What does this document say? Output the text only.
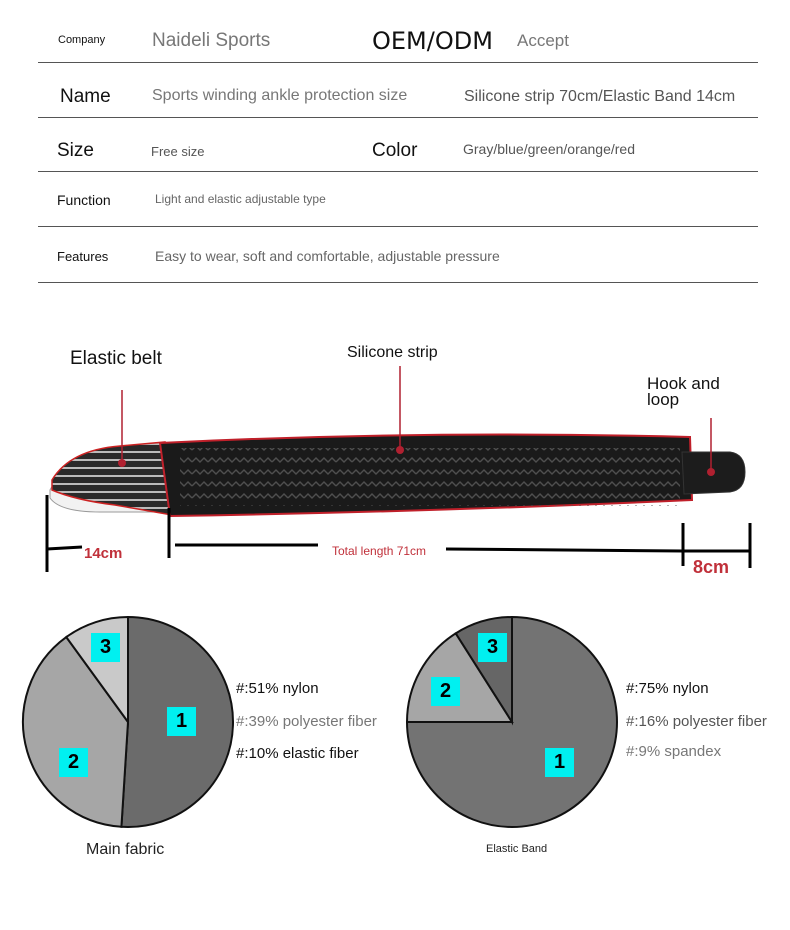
Company Naideli Sports	OEM/ODM Accept
Name	Sports winding ankle protection size	Silicone strip 70cm/Elastic Band 14cm
Size	Free size	Color	Gray/blue/green/orange/red
Function	Light and elastic adjustable type
Features	Easy to wear, soft and comfortable, adjustable pressure
Elastic belt	Silicone strip
Hook and
loop
14cm	Total length 71cm
8cm
1
2
3
Main fabric
#:51% nylon
#:39% polyester fiber
#:10% elastic fiber	1
2
3
Elastic Band
#:75% nylon
#:16% polyester fiber
#:9% spandex
